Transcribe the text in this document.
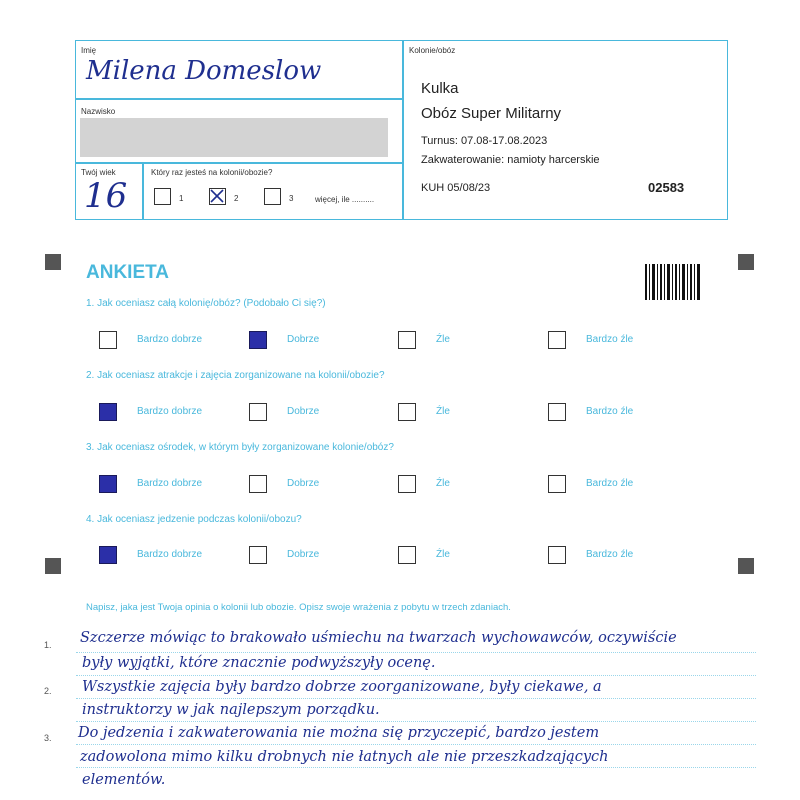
Imię
Milena Domeslow
Nazwisko
Twój wiek
16
Który raz jesteś na kolonii/obozie?
1	2	3	więcej, ile ..........
Kolonie/obóz
Kulka
Obóz Super Militarny
Turnus: 07.08-17.08.2023
Zakwaterowanie: namioty harcerskie
KUH 05/08/23	02583
ANKIETA
1. Jak oceniasz całą kolonię/obóz? (Podobało Ci się?)
2. Jak oceniasz atrakcje i zajęcia zorganizowane na kolonii/obozie?
3. Jak oceniasz ośrodek, w którym były zorganizowane kolonie/obóz?
4. Jak oceniasz jedzenie podczas kolonii/obozu?
Bardzo dobrze	Dobrze	Źle	Bardzo źle
Bardzo dobrze	Dobrze	Źle	Bardzo źle
Bardzo dobrze	Dobrze	Źle	Bardzo źle
Bardzo dobrze	Dobrze	Źle	Bardzo źle
Napisz, jaka jest Twoja opinia o kolonii lub obozie. Opisz swoje wrażenia z pobytu w trzech zdaniach.
1.
2.
3.
Szczerze mówiąc to brakowało uśmiechu na twarzach wychowawców, oczywiście
były wyjątki, które znacznie podwyższyły ocenę.
Wszystkie zajęcia były bardzo dobrze zoorganizowane, były ciekawe, a
instruktorzy w jak najlepszym porządku.
Do jedzenia i zakwaterowania nie można się przyczepić, bardzo jestem
zadowolona mimo kilku drobnych nie łatnych ale nie przeszkadzających
elementów.
